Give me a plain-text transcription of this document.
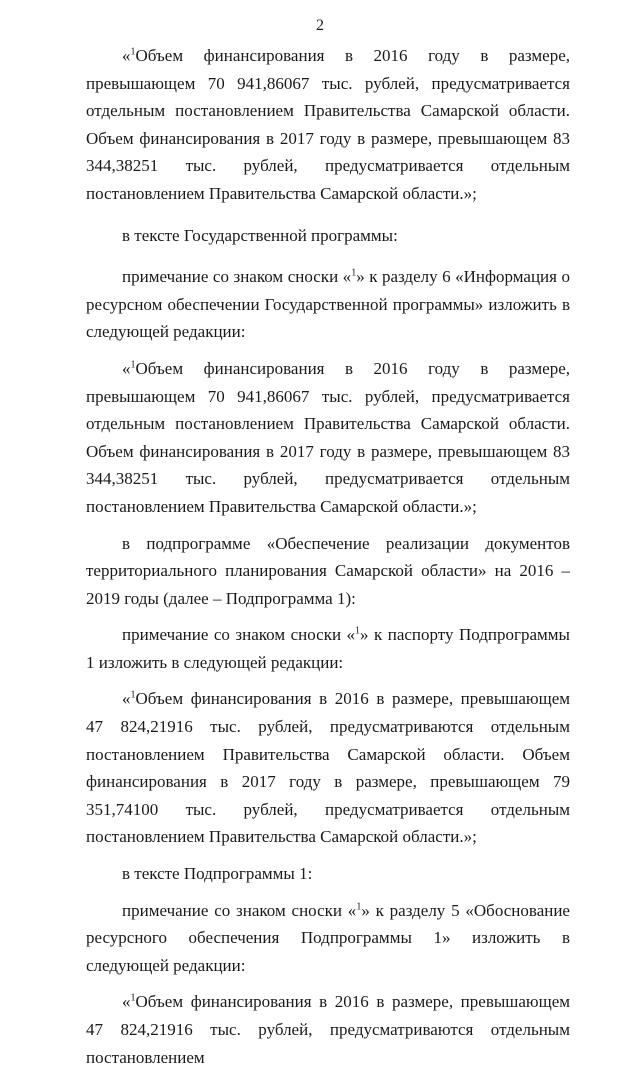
2

«$^1$Объем финансирования в 2016 году в размере, превышающем 70 941,86067 тыс. рублей, предусматривается отдельным постановлением Правительства Самарской области. Объем финансирования в 2017 году в размере, превышающем 83 344,38251 тыс. рублей, предусматривается отдельным постановлением Правительства Самарской области.»;

в тексте Государственной программы:

примечание со знаком сноски «$^1$» к разделу 6 «Информация о ресурсном обеспечении Государственной программы» изложить в следующей редакции:

«$^1$Объем финансирования в 2016 году в размере, превышающем 70 941,86067 тыс. рублей, предусматривается отдельным постановлением Правительства Самарской области. Объем финансирования в 2017 году в размере, превышающем 83 344,38251 тыс. рублей, предусматривается отдельным постановлением Правительства Самарской области.»;

в подпрограмме «Обеспечение реализации документов территориального планирования Самарской области» на 2016 – 2019 годы (далее – Подпрограмма 1):

примечание со знаком сноски «$^1$» к паспорту Подпрограммы 1 изложить в следующей редакции:

«$^1$Объем финансирования в 2016 в размере, превышающем 47 824,21916 тыс. рублей, предусматриваются отдельным постановлением Правительства Самарской области. Объем финансирования в 2017 году в размере, превышающем 79 351,74100 тыс. рублей, предусматривается отдельным постановлением Правительства Самарской области.»;

в тексте Подпрограммы 1:

примечание со знаком сноски «$^1$» к разделу 5 «Обоснование ресурсного обеспечения Подпрограммы 1» изложить в следующей редакции:

«$^1$Объем финансирования в 2016 в размере, превышающем 47 824,21916 тыс. рублей, предусматриваются отдельным постановлением
